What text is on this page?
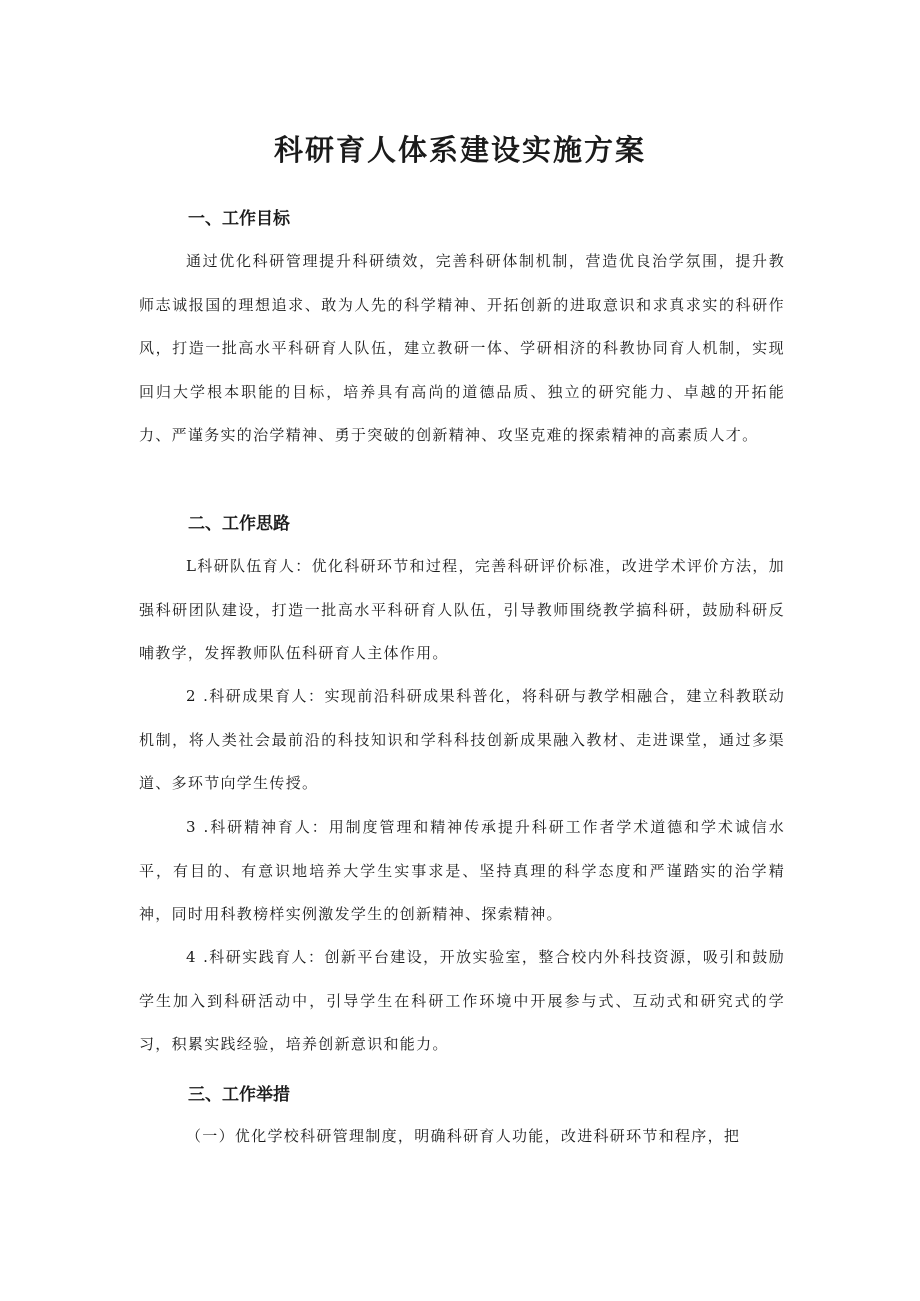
科研育人体系建设实施方案
一、工作目标

通过优化科研管理提升科研绩效，完善科研体制机制，营造优良治学氛围，提升教师志诚报国的理想追求、敢为人先的科学精神、开拓创新的进取意识和求真求实的科研作风，打造一批高水平科研育人队伍，建立教研一体、学研相济的科教协同育人机制，实现回归大学根本职能的目标，培养具有高尚的道德品质、独立的研究能力、卓越的开拓能力、严谨务实的治学精神、勇于突破的创新精神、攻坚克难的探索精神的高素质人才。

二、工作思路

L科研队伍育人：优化科研环节和过程，完善科研评价标准，改进学术评价方法，加强科研团队建设，打造一批高水平科研育人队伍，引导教师围绕教学搞科研，鼓励科研反哺教学，发挥教师队伍科研育人主体作用。

2 .科研成果育人：实现前沿科研成果科普化，将科研与教学相融合，建立科教联动机制，将人类社会最前沿的科技知识和学科科技创新成果融入教材、走进课堂，通过多渠道、多环节向学生传授。

3 .科研精神育人：用制度管理和精神传承提升科研工作者学术道德和学术诚信水平，有目的、有意识地培养大学生实事求是、坚持真理的科学态度和严谨踏实的治学精神，同时用科教榜样实例激发学生的创新精神、探索精神。

4 .科研实践育人：创新平台建设，开放实验室，整合校内外科技资源，吸引和鼓励学生加入到科研活动中，引导学生在科研工作环境中开展参与式、互动式和研究式的学习，积累实践经验，培养创新意识和能力。

三、工作举措

（一）优化学校科研管理制度，明确科研育人功能，改进科研环节和程序，把
